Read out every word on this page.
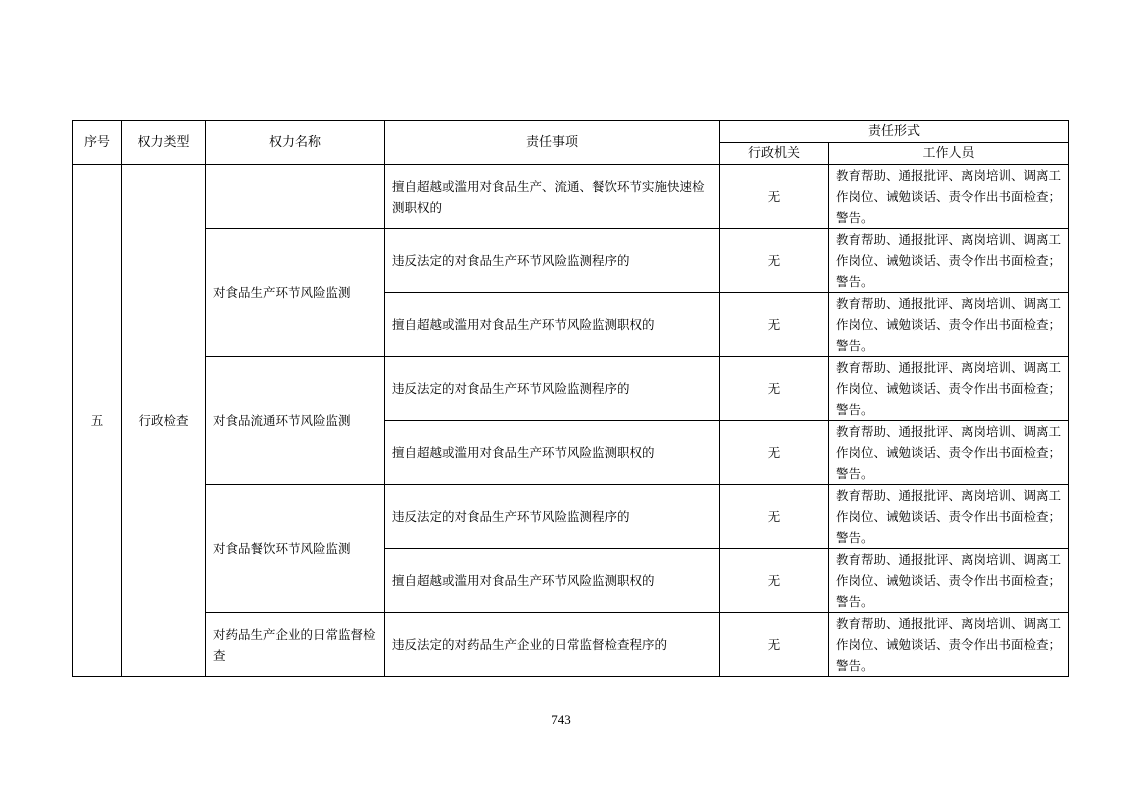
序号	权力类型	权力名称	责任事项	责任形式	
				行政机关	工作人员
五	行政检查		擅自超越或滥用对食品生产、流通、餐饮环节实施快速检测职权的	无	教育帮助、通报批评、离岗培训、调离工作岗位、诫勉谈话、责令作出书面检查；警告。
		对食品生产环节风险监测	违反法定的对食品生产环节风险监测程序的	无	教育帮助、通报批评、离岗培训、调离工作岗位、诫勉谈话、责令作出书面检查；警告。
			擅自超越或滥用对食品生产环节风险监测职权的	无	教育帮助、通报批评、离岗培训、调离工作岗位、诫勉谈话、责令作出书面检查；警告。
		对食品流通环节风险监测	违反法定的对食品生产环节风险监测程序的	无	教育帮助、通报批评、离岗培训、调离工作岗位、诫勉谈话、责令作出书面检查；警告。
			擅自超越或滥用对食品生产环节风险监测职权的	无	教育帮助、通报批评、离岗培训、调离工作岗位、诫勉谈话、责令作出书面检查；警告。
		对食品餐饮环节风险监测	违反法定的对食品生产环节风险监测程序的	无	教育帮助、通报批评、离岗培训、调离工作岗位、诫勉谈话、责令作出书面检查；警告。
			擅自超越或滥用对食品生产环节风险监测职权的	无	教育帮助、通报批评、离岗培训、调离工作岗位、诫勉谈话、责令作出书面检查；警告。
		对药品生产企业的日常监督检查	违反法定的对药品生产企业的日常监督检查程序的	无	教育帮助、通报批评、离岗培训、调离工作岗位、诫勉谈话、责令作出书面检查；警告。
743
